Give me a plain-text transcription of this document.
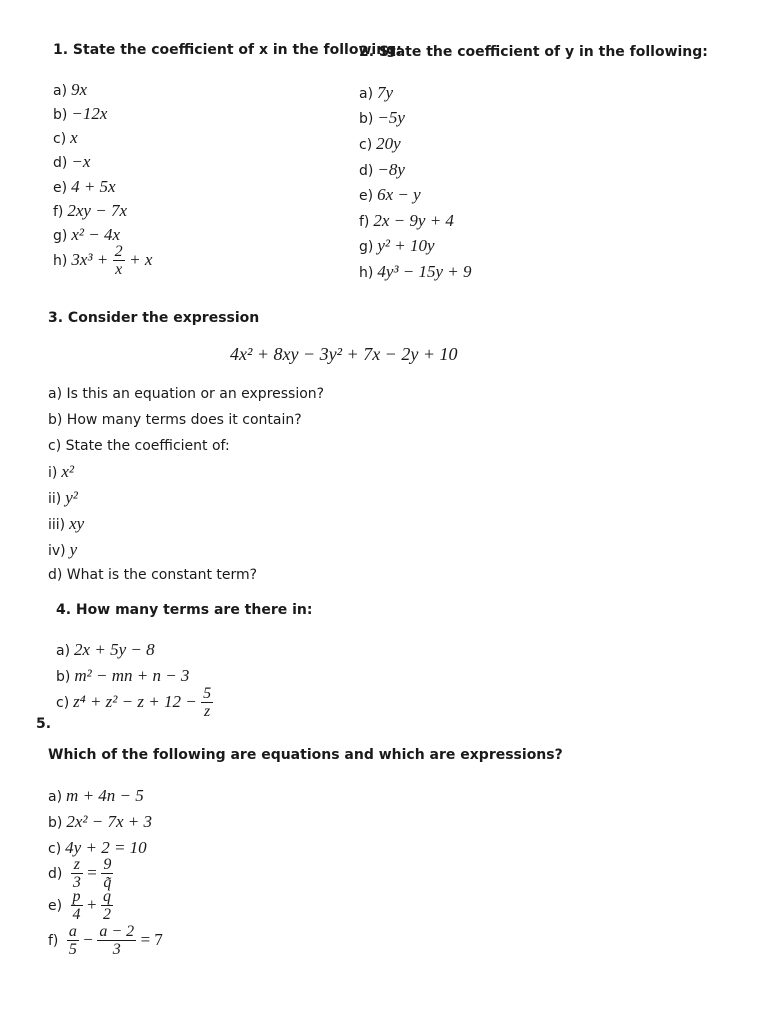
1. State the coefficient of x in the following:
a) 9x
b) −12x
c) x
d) −x
e) 4 + 5x
f) 2xy − 7x
g) x² − 4x
h) $3x^3 + \frac{2}{x} + x$
2. State the coefficient of y in the following:
a) 7y
b) −5y
c) 20y
d) −8y
e) 6x − y
f) 2x − 9y + 4
g) y² + 10y
h) 4y³ − 15y + 9
3. Consider the expression
4x² + 8xy − 3y² + 7x − 2y + 10
a) Is this an equation or an expression?
b) How many terms does it contain?
c) State the coefficient of:
i) x²
ii) y²
iii) xy
iv) y
d) What is the constant term?
4. How many terms are there in:
a) 2x + 5y − 8
b) m² − mn + n − 3
c) $z^4 + z^2 - z + 12 - \frac{5}{z}$
5.
Which of the following are equations and which are expressions?
a) m + 4n − 5
b) 2x² − 7x + 3
c) 4y + 2 = 10
$d) \frac{z}{3} = \frac{9}{q̃}$
$e) \frac{p}{4} + \frac{q}{2}$
$f) \frac{a}{5} - \frac{a - 2}{3} = 7$
